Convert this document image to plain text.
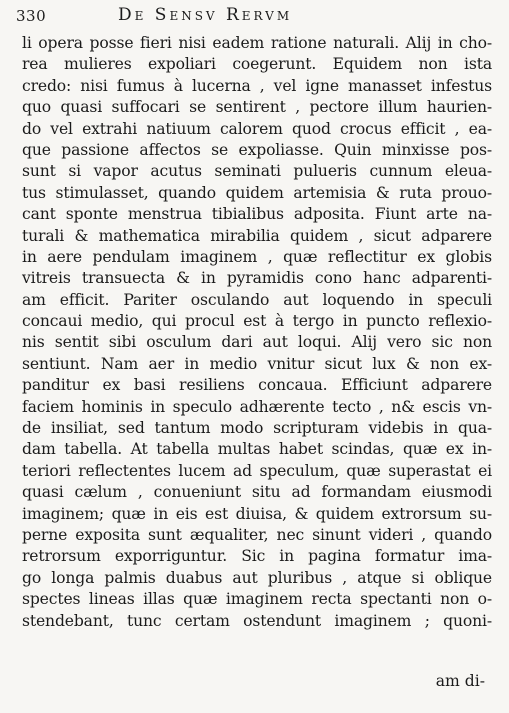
330	De Sensv Rervm
li opera posse fieri nisi eadem ratione naturali. Alij in cho-
rea mulieres expoliari coegerunt. Equidem non ista
credo: nisi fumus à lucerna , vel igne manasset infestus
quo quasi suffocari se sentirent , pectore illum haurien-
do vel extrahi natiuum calorem quod crocus efficit , ea-
que passione affectos se expoliasse. Quin minxisse pos-
sunt si vapor acutus seminati pulueris cunnum eleua-
tus stimulasset, quando quidem artemisia & ruta prouo-
cant sponte menstrua tibialibus adposita. Fiunt arte na-
turali & mathematica mirabilia quidem , sicut adparere
in aere pendulam imaginem , quæ reflectitur ex globis
vitreis transuecta & in pyramidis cono hanc adparenti-
am efficit. Pariter osculando aut loquendo in speculi
concaui medio, qui procul est à tergo in puncto reflexio-
nis sentit sibi osculum dari aut loqui. Alij vero sic non
sentiunt. Nam aer in medio vnitur sicut lux & non ex-
panditur ex basi resiliens concaua. Efficiunt adparere
faciem hominis in speculo adhærente tecto , n& escis vn-
de insiliat, sed tantum modo scripturam videbis in qua-
dam tabella. At tabella multas habet scindas, quæ ex in-
teriori reflectentes lucem ad speculum, quæ superastat ei
quasi cælum , conueniunt situ ad formandam eiusmodi
imaginem; quæ in eis est diuisa, & quidem extrorsum su-
perne exposita sunt æqualiter, nec sinunt videri , quando
retrorsum exporriguntur. Sic in pagina formatur ima-
go longa palmis duabus aut pluribus , atque si oblique
spectes lineas illas quæ imaginem recta spectanti non o-
stendebant, tunc certam ostendunt imaginem ; quoni-
am di-
